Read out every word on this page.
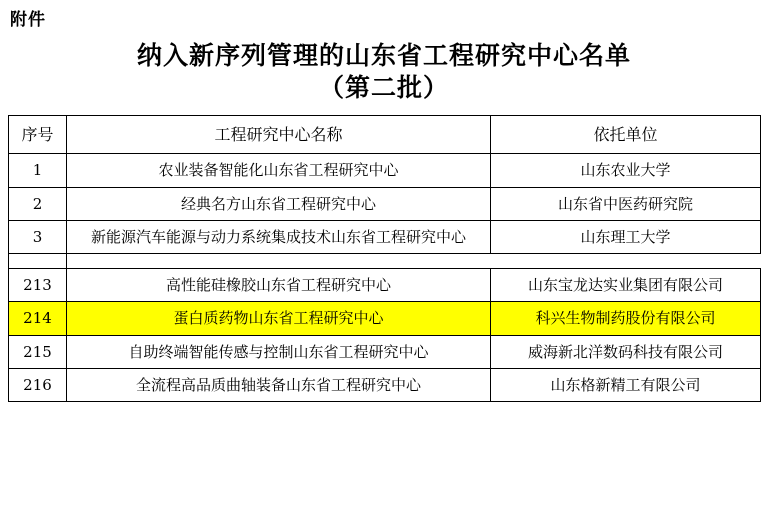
附件
纳入新序列管理的山东省工程研究中心名单
（第二批）
序号	工程研究中心名称	依托单位
1	农业装备智能化山东省工程研究中心	山东农业大学
2	经典名方山东省工程研究中心	山东省中医药研究院
3	新能源汽车能源与动力系统集成技术山东省工程研究中心	山东理工大学

213	高性能硅橡胶山东省工程研究中心	山东宝龙达实业集团有限公司
214	蛋白质药物山东省工程研究中心	科兴生物制药股份有限公司
215	自助终端智能传感与控制山东省工程研究中心	威海新北洋数码科技有限公司
216	全流程高品质曲轴装备山东省工程研究中心	山东格新精工有限公司
